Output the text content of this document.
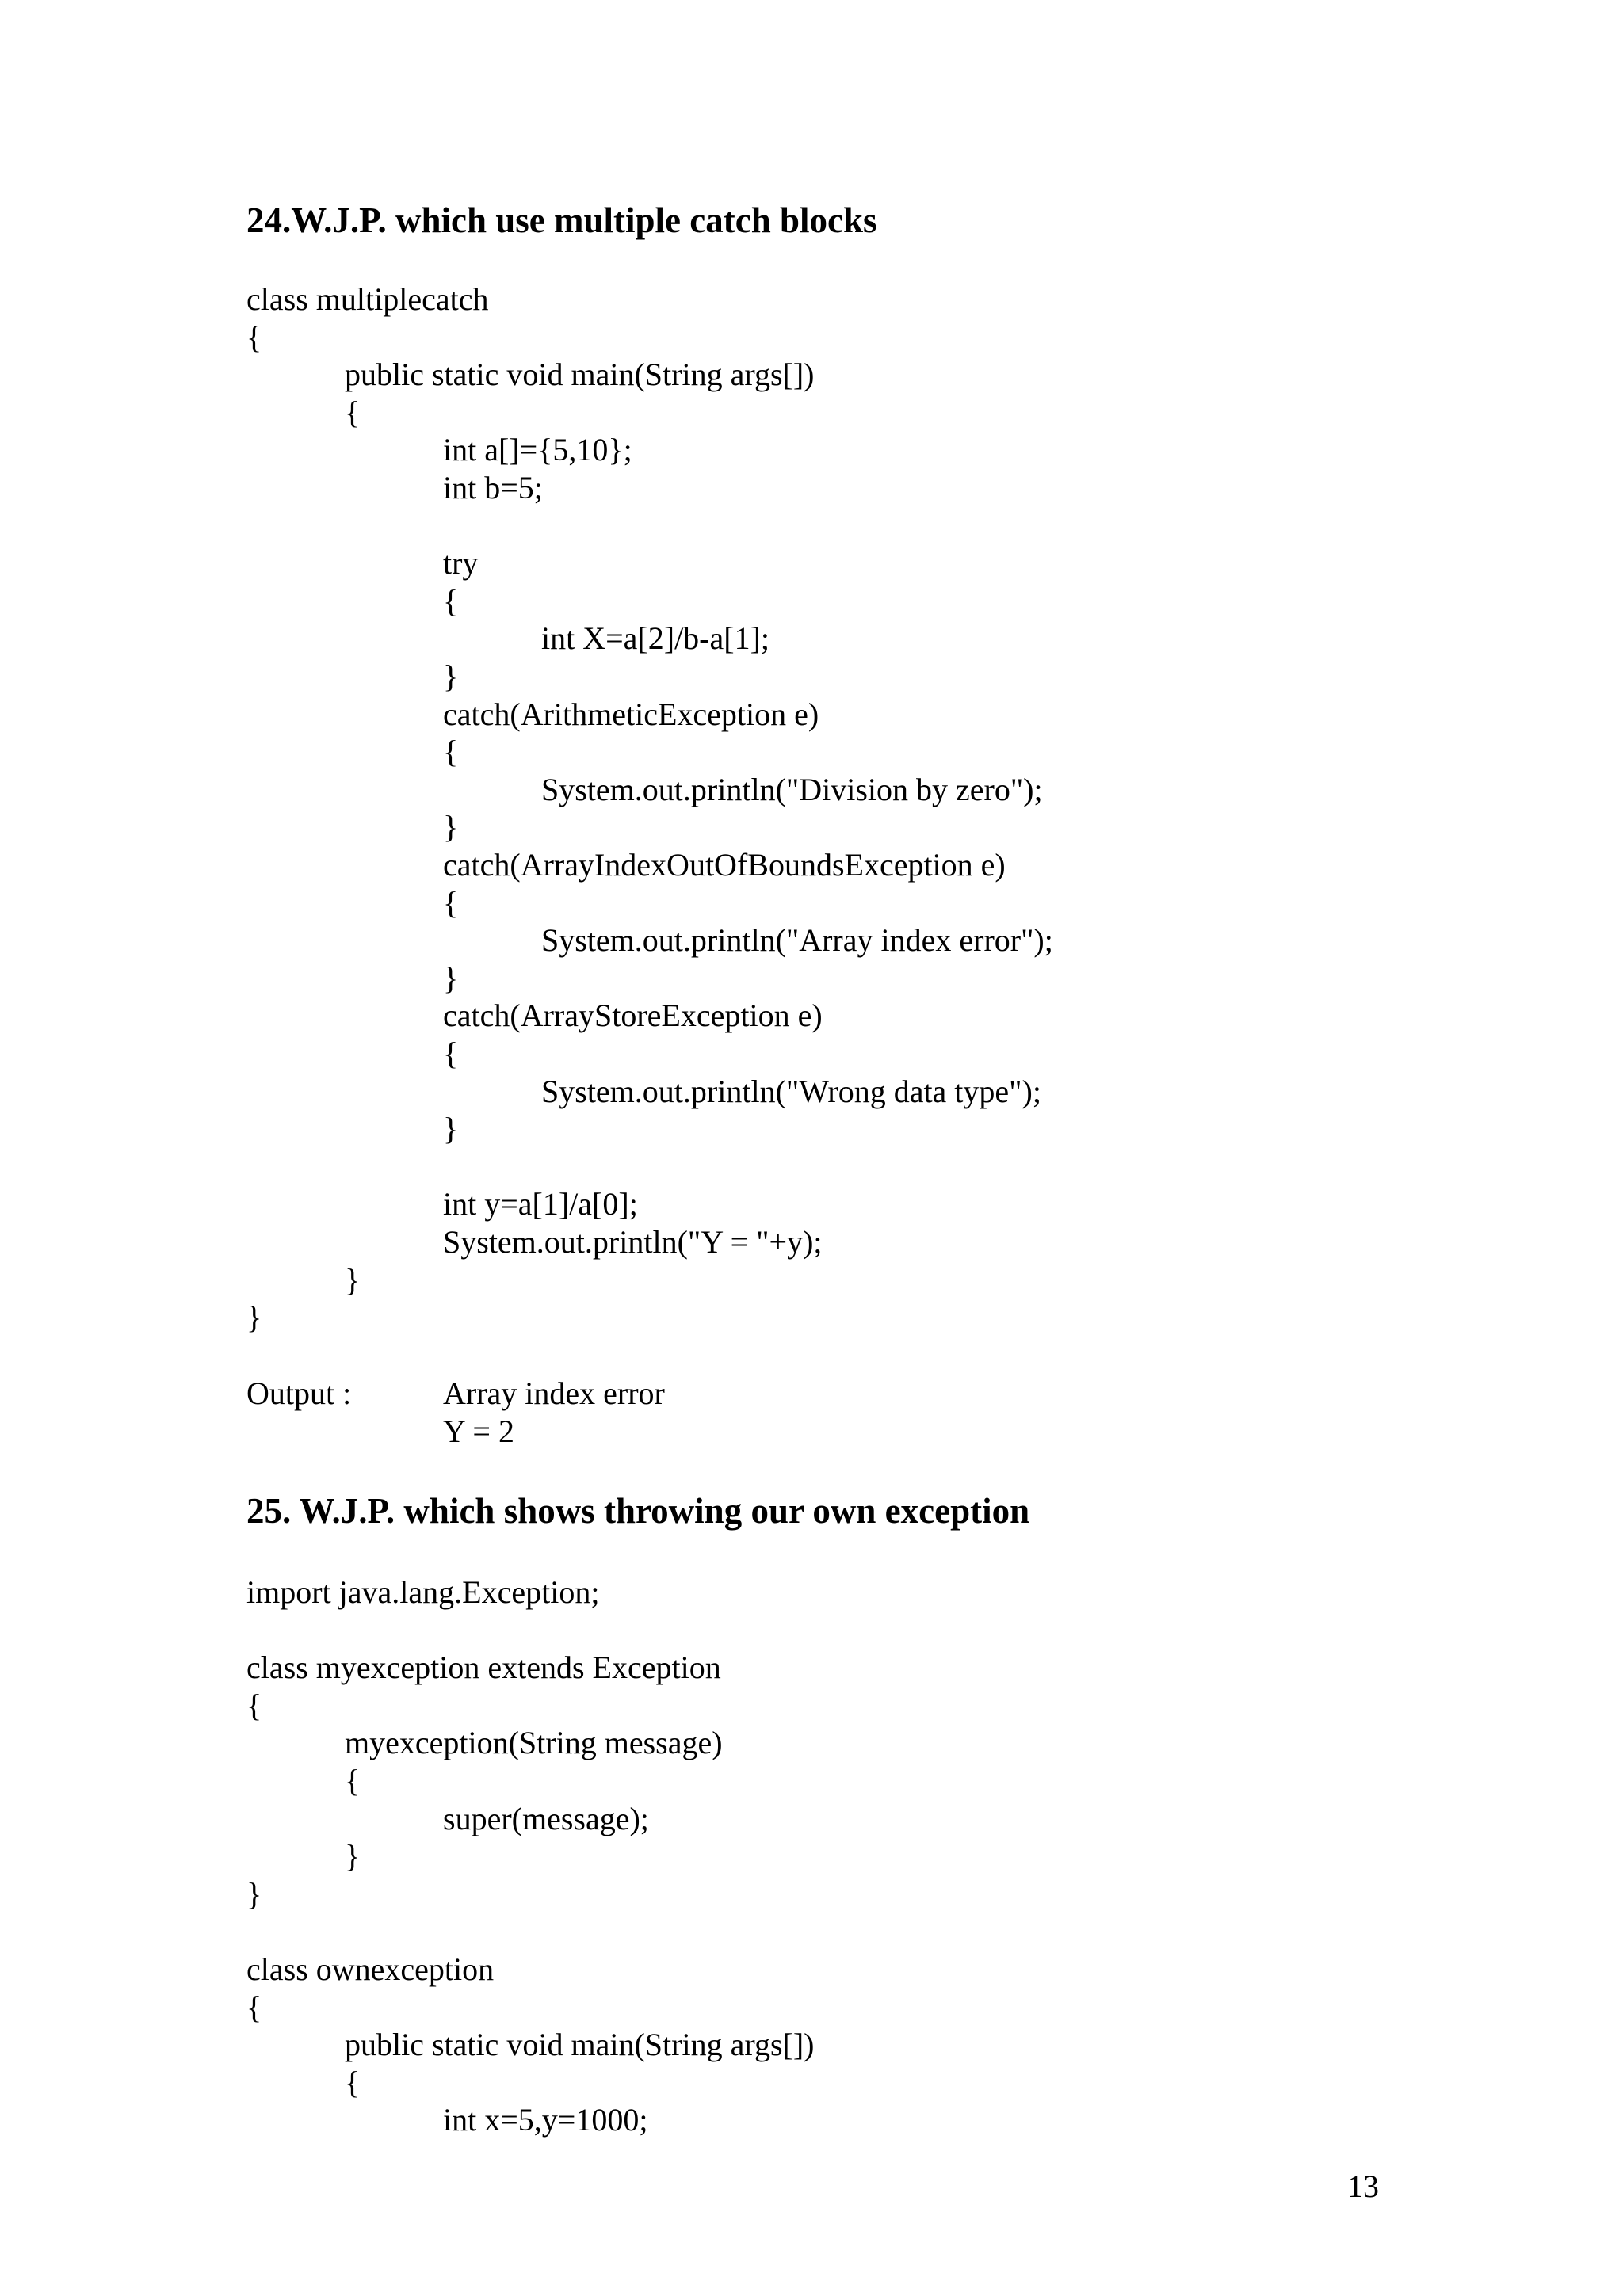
24.W.J.P. which use multiple catch blocks
class multiplecatch
{
public static void main(String args[])
{
int a[]={5,10};
int b=5;
try
{
int X=a[2]/b-a[1];
}
catch(ArithmeticException e)
{
System.out.println("Division by zero");
}
catch(ArrayIndexOutOfBoundsException e)
{
System.out.println("Array index error");
}
catch(ArrayStoreException e)
{
System.out.println("Wrong data type");
}
int y=a[1]/a[0];
System.out.println("Y = "+y);
}
}
Output :	Array index error
Y = 2
25. W.J.P. which shows throwing our own exception
import java.lang.Exception;
class myexception extends Exception
{
myexception(String message)
{
super(message);
}
}
class ownexception
{
public static void main(String args[])
{
int x=5,y=1000;
13
